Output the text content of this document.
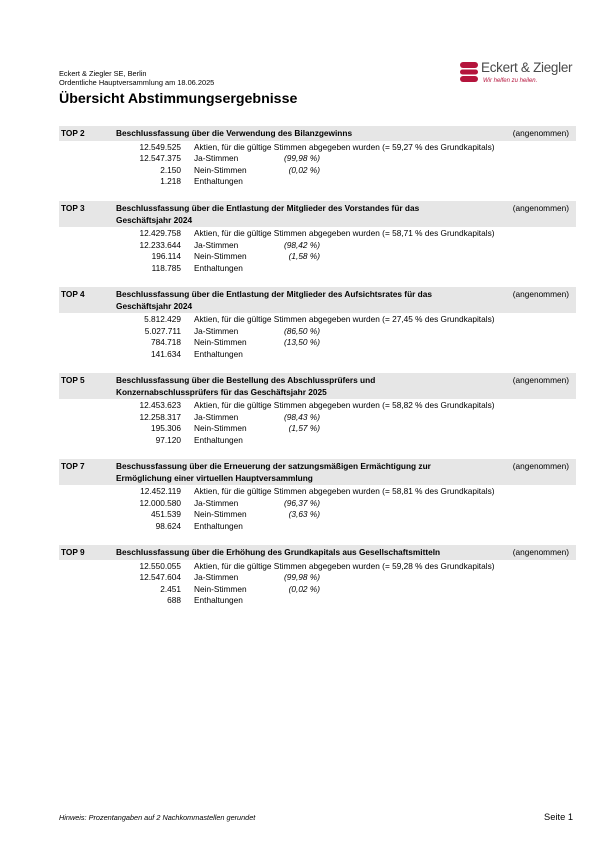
Eckert & Ziegler SE, Berlin
Ordentliche Hauptversammlung am 18.06.2025
Eckert & Ziegler
Wir helfen zu heilen.
Übersicht Abstimmungsergebnisse
TOP 2	Beschlussfassung über die Verwendung des Bilanzgewinns	(angenommen)
12.549.525 Aktien, für die gültige Stimmen abgegeben wurden (= 59,27 % des Grundkapitals)
12.547.375 Ja-Stimmen	(99,98 %)
2.150 Nein-Stimmen	(0,02 %)
1.218 Enthaltungen
TOP 3	Beschlussfassung über die Entlastung der Mitglieder des Vorstandes für das Geschäftsjahr 2024
(angenommen)
12.429.758 Aktien, für die gültige Stimmen abgegeben wurden (= 58,71 % des Grundkapitals)
12.233.644 Ja-Stimmen	(98,42 %)
196.114 Nein-Stimmen	(1,58 %)
118.785 Enthaltungen
TOP 4	Beschlussfassung über die Entlastung der Mitglieder des Aufsichtsrates für das Geschäftsjahr 2024
(angenommen)
5.812.429 Aktien, für die gültige Stimmen abgegeben wurden (= 27,45 % des Grundkapitals)
5.027.711 Ja-Stimmen	(86,50 %)
784.718 Nein-Stimmen	(13,50 %)
141.634 Enthaltungen
TOP 5	Beschlussfassung über die Bestellung des Abschlussprüfers und Konzernabschlussprüfers für das Geschäftsjahr 2025
(angenommen)
12.453.623 Aktien, für die gültige Stimmen abgegeben wurden (= 58,82 % des Grundkapitals)
12.258.317 Ja-Stimmen	(98,43 %)
195.306 Nein-Stimmen	(1,57 %)
97.120 Enthaltungen
TOP 7	Beschussfassung über die Erneuerung der satzungsmäßigen Ermächtigung zur Ermöglichung einer virtuellen Hauptversammlung
(angenommen)
12.452.119 Aktien, für die gültige Stimmen abgegeben wurden (= 58,81 % des Grundkapitals)
12.000.580 Ja-Stimmen	(96,37 %)
451.539 Nein-Stimmen	(3,63 %)
98.624 Enthaltungen
TOP 9	Beschlussfassung über die Erhöhung des Grundkapitals aus Gesellschaftsmitteln	(angenommen)
12.550.055 Aktien, für die gültige Stimmen abgegeben wurden (= 59,28 % des Grundkapitals)
12.547.604 Ja-Stimmen	(99,98 %)
2.451 Nein-Stimmen	(0,02 %)
688 Enthaltungen
Hinweis: Prozentangaben auf 2 Nachkommastellen gerundet	Seite 1
